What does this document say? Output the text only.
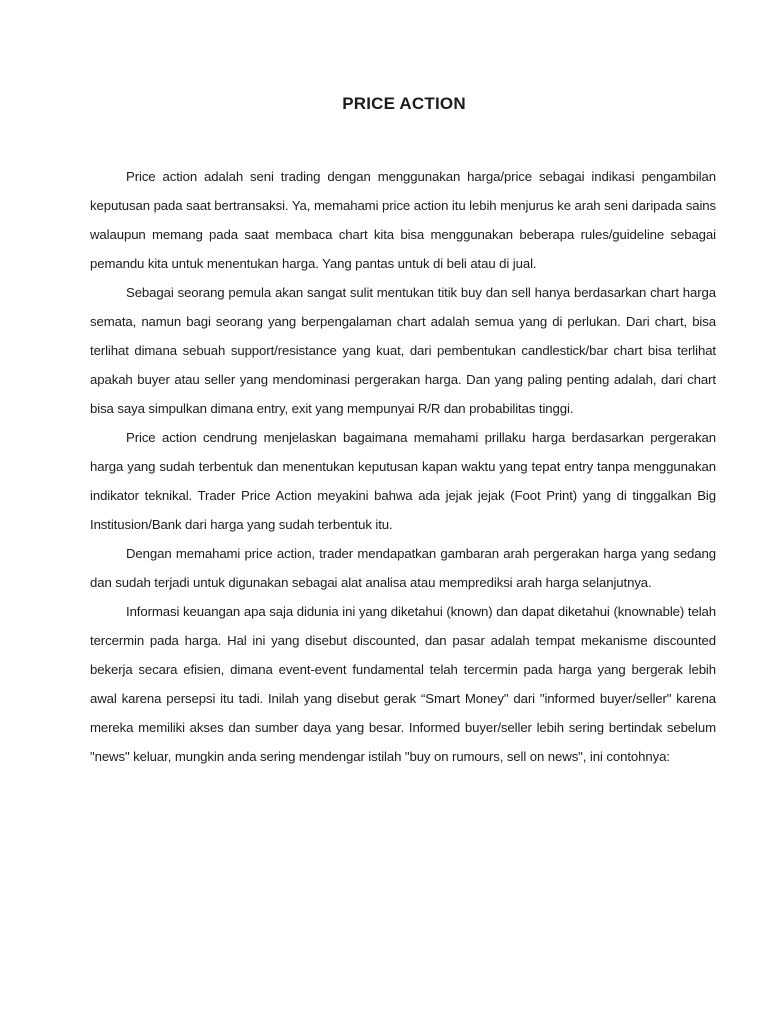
PRICE ACTION

Price action adalah seni trading dengan menggunakan harga/price sebagai indikasi pengambilan keputusan pada saat bertransaksi. Ya, memahami price action itu lebih menjurus ke arah seni daripada sains walaupun memang pada saat membaca chart kita bisa menggunakan beberapa rules/guideline sebagai pemandu kita untuk menentukan harga. Yang pantas untuk di beli atau di jual.

Sebagai seorang pemula akan sangat sulit mentukan titik buy dan sell hanya berdasarkan chart harga semata, namun bagi seorang yang berpengalaman chart adalah semua yang di perlukan. Dari chart, bisa terlihat dimana sebuah support/resistance yang kuat, dari pembentukan candlestick/bar chart bisa terlihat apakah buyer atau seller yang mendominasi pergerakan harga. Dan yang paling penting adalah, dari chart bisa saya simpulkan dimana entry, exit yang mempunyai R/R dan probabilitas tinggi.

Price action cendrung menjelaskan bagaimana memahami prillaku harga berdasarkan pergerakan harga yang sudah terbentuk dan menentukan keputusan kapan waktu yang tepat entry tanpa menggunakan indikator teknikal. Trader Price Action meyakini bahwa ada jejak jejak (Foot Print) yang di tinggalkan Big Institusion/Bank dari harga yang sudah terbentuk itu.

Dengan memahami price action, trader mendapatkan gambaran arah pergerakan harga yang sedang dan sudah terjadi untuk digunakan sebagai alat analisa atau memprediksi arah harga selanjutnya.

Informasi keuangan apa saja didunia ini yang diketahui (known) dan dapat diketahui (knownable) telah tercermin pada harga. Hal ini yang disebut discounted, dan pasar adalah tempat mekanisme discounted bekerja secara efisien, dimana event-event fundamental telah tercermin pada harga yang bergerak lebih awal karena persepsi itu tadi. Inilah yang disebut gerak “Smart Money" dari "informed buyer/seller" karena mereka memiliki akses dan sumber daya yang besar. Informed buyer/seller lebih sering bertindak sebelum "news" keluar, mungkin anda sering mendengar istilah "buy on rumours, sell on news", ini contohnya:
